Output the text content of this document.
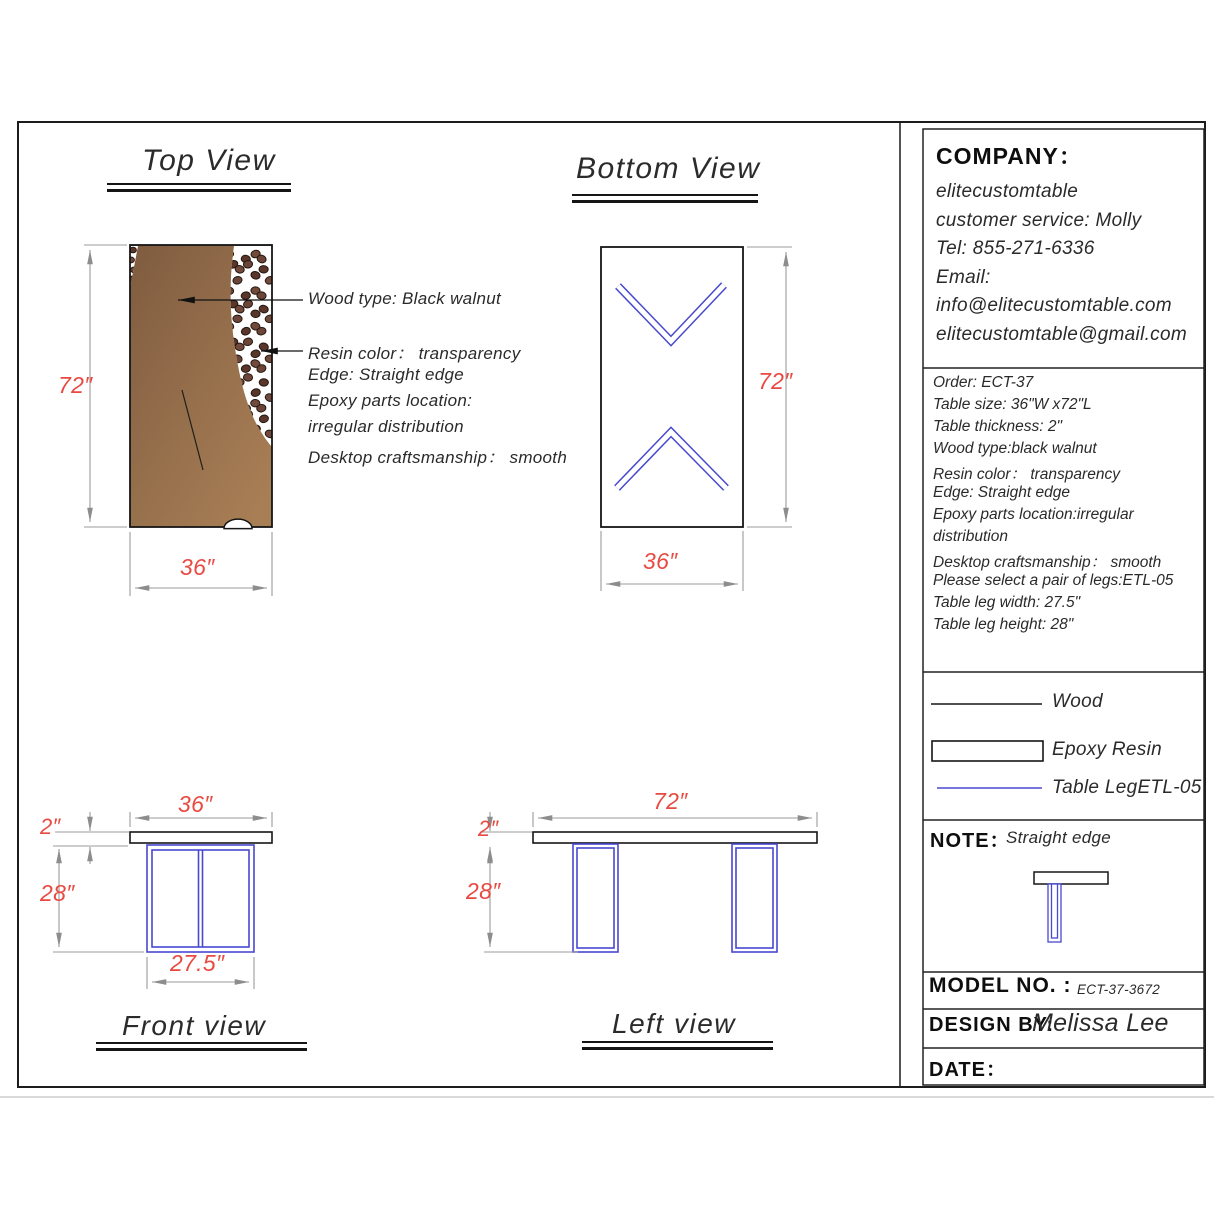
Top View	Bottom View
Front view	Left view
72″
36″
72″
36″
36″
2″
28″
27.5″
72″
2″
28″
Wood type: Black walnut
Resin color： transparency
Edge: Straight edge
Epoxy parts location:
irregular distribution
Desktop craftsmanship： smooth
COMPANY：
elitecustomtable
customer service: Molly
Tel: 855-271-6336
Email:
info@elitecustomtable.com
elitecustomtable@gmail.com
Order: ECT-37
Table size: 36"W x72"L
Table thickness: 2"
Wood type:black walnut
Resin color： transparency
Edge: Straight edge
Epoxy parts location:irregular
distribution
Desktop craftsmanship： smooth
Please select a pair of legs:ETL-05
Table leg width: 27.5"
Table leg height: 28"
Wood
Epoxy Resin
Table LegETL-05
NOTE：
Straight edge
MODEL NO. : ECT-37-3672
DESIGN BY:
Melissa Lee
DATE：
